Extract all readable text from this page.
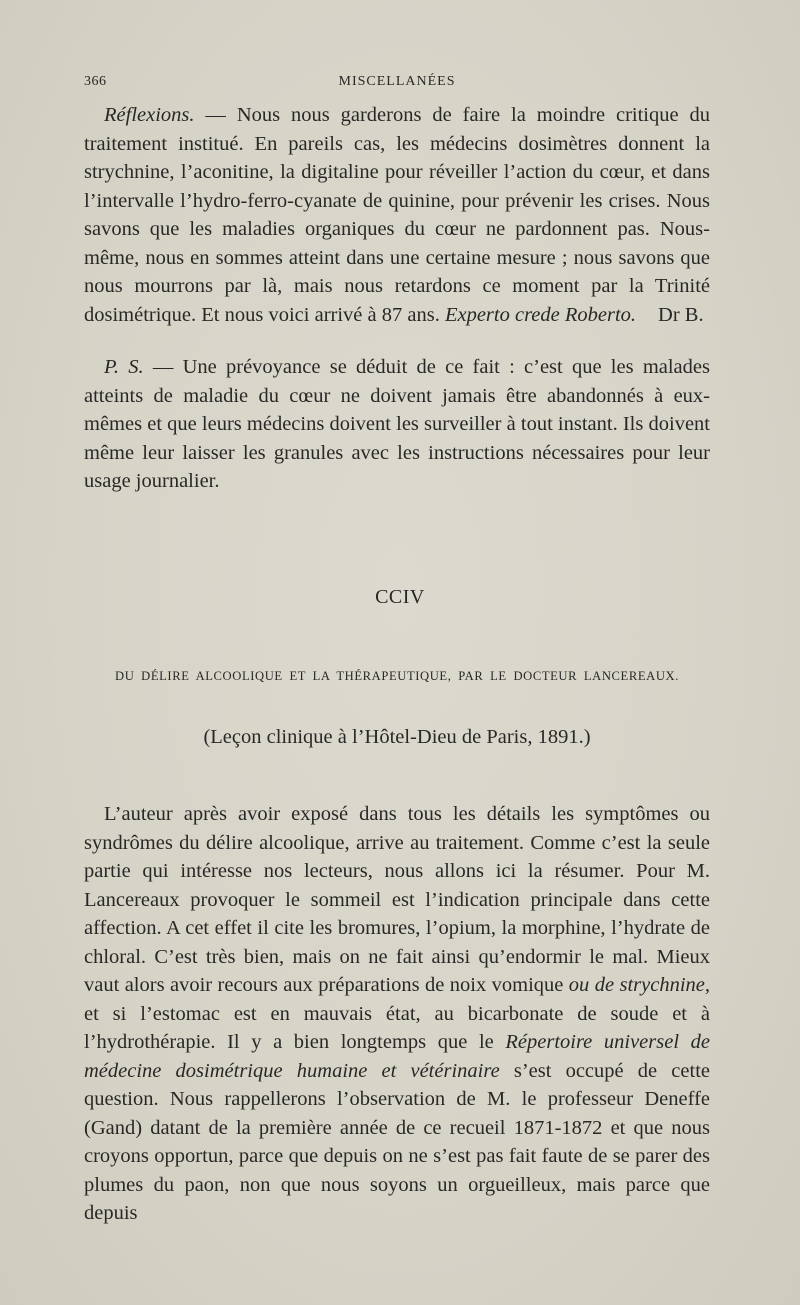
366	MISCELLANÉES

Réflexions. — Nous nous garderons de faire la moindre critique du traitement institué. En pareils cas, les médecins dosimètres donnent la strychnine, l’aconitine, la digitaline pour réveiller l’action du cœur, et dans l’intervalle l’hydro-ferro-cyanate de quinine, pour prévenir les crises. Nous savons que les maladies organiques du cœur ne pardonnent pas. Nous-même, nous en sommes atteint dans une certaine mesure ; nous savons que nous mourrons par là, mais nous retardons ce moment par la Trinité dosimétrique. Et nous voici arrivé à 87 ans. Experto crede Roberto. Dr B.

P. S. — Une prévoyance se déduit de ce fait : c’est que les malades atteints de maladie du cœur ne doivent jamais être abandonnés à eux-mêmes et que leurs médecins doivent les surveiller à tout instant. Ils doivent même leur laisser les granules avec les instructions nécessaires pour leur usage journalier.

CCIV
DU DÉLIRE ALCOOLIQUE ET LA THÉRAPEUTIQUE, PAR LE DOCTEUR LANCEREAUX.
(Leçon clinique à l’Hôtel-Dieu de Paris, 1891.)

L’auteur après avoir exposé dans tous les détails les symptômes ou syndrômes du délire alcoolique, arrive au traitement. Comme c’est la seule partie qui intéresse nos lecteurs, nous allons ici la résumer. Pour M. Lancereaux provoquer le sommeil est l’indication principale dans cette affection. A cet effet il cite les bromures, l’opium, la morphine, l’hydrate de chloral. C’est très bien, mais on ne fait ainsi qu’endormir le mal. Mieux vaut alors avoir recours aux préparations de noix vomique ou de strychnine, et si l’estomac est en mauvais état, au bicarbonate de soude et à l’hydrothérapie. Il y a bien longtemps que le Répertoire universel de médecine dosimétrique humaine et vétérinaire s’est occupé de cette question. Nous rappellerons l’observation de M. le professeur Deneffe (Gand) datant de la première année de ce recueil 1871-1872 et que nous croyons opportun, parce que depuis on ne s’est pas fait faute de se parer des plumes du paon, non que nous soyons un orgueilleux, mais parce que depuis
